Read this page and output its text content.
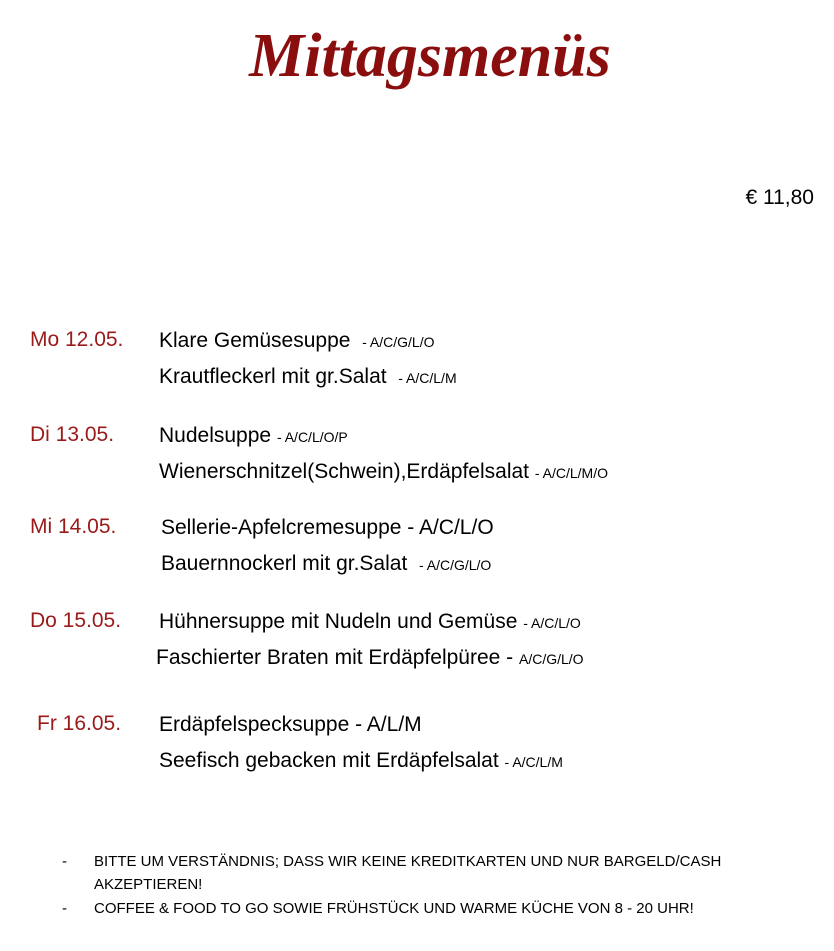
Mittagsmenüs
€ 11,80
Mo 12.05. Klare Gemüsesuppe - A/C/G/L/O
Krautfleckerl mit gr.Salat - A/C/L/M
Di 13.05. Nudelsuppe - A/C/L/O/P
Wienerschnitzel(Schwein),Erdäpfelsalat - A/C/L/M/O
Mi 14.05. Sellerie-Apfelcremesuppe - A/C/L/O
Bauernnockerl mit gr.Salat - A/C/G/L/O
Do 15.05. Hühnersuppe mit Nudeln und Gemüse - A/C/L/O
Faschierter Braten mit Erdäpfelpüree - A/C/G/L/O
Fr 16.05. Erdäpfelspecksuppe - A/L/M
Seefisch gebacken mit Erdäpfelsalat - A/C/L/M
- BITTE UM VERSTÄNDNIS; DASS WIR KEINE KREDITKARTEN UND NUR BARGELD/CASH AKZEPTIEREN!
- COFFEE & FOOD TO GO SOWIE FRÜHSTÜCK UND WARME KÜCHE VON 8 - 20 UHR!
